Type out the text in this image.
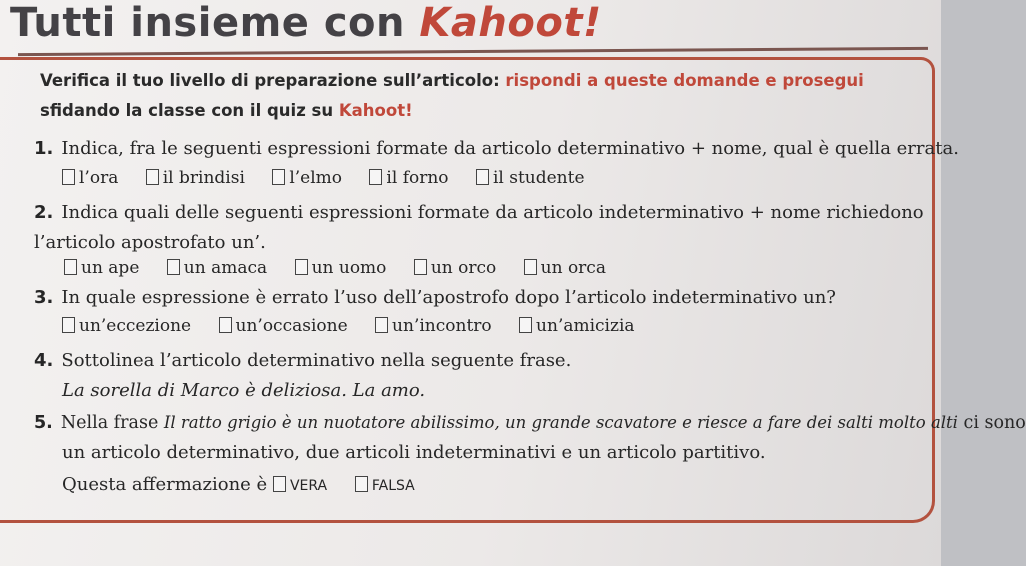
Tutti insieme con Kahoot!
Verifica il tuo livello di preparazione sull’articolo: rispondi a queste domande e prosegui
sfidando la classe con il quiz su Kahoot!
1. Indica, fra le seguenti espressioni formate da articolo determinativo + nome, qual è quella errata.
l’ora	il brindisi	l’elmo	il forno	il studente
2. Indica quali delle seguenti espressioni formate da articolo indeterminativo + nome richiedono
l’articolo apostrofato un’.
un ape	un amaca	un uomo	un orco	un orca
3. In quale espressione è errato l’uso dell’apostrofo dopo l’articolo indeterminativo un?
un’eccezione	un’occasione	un’incontro	un’amicizia
4. Sottolinea l’articolo determinativo nella seguente frase.
La sorella di Marco è deliziosa. La amo.
5. Nella frase Il ratto grigio è un nuotatore abilissimo, un grande scavatore e riesce a fare dei salti molto alti ci sono
un articolo determinativo, due articoli indeterminativi e un articolo partitivo.
Questa affermazione è VERA	FALSA
